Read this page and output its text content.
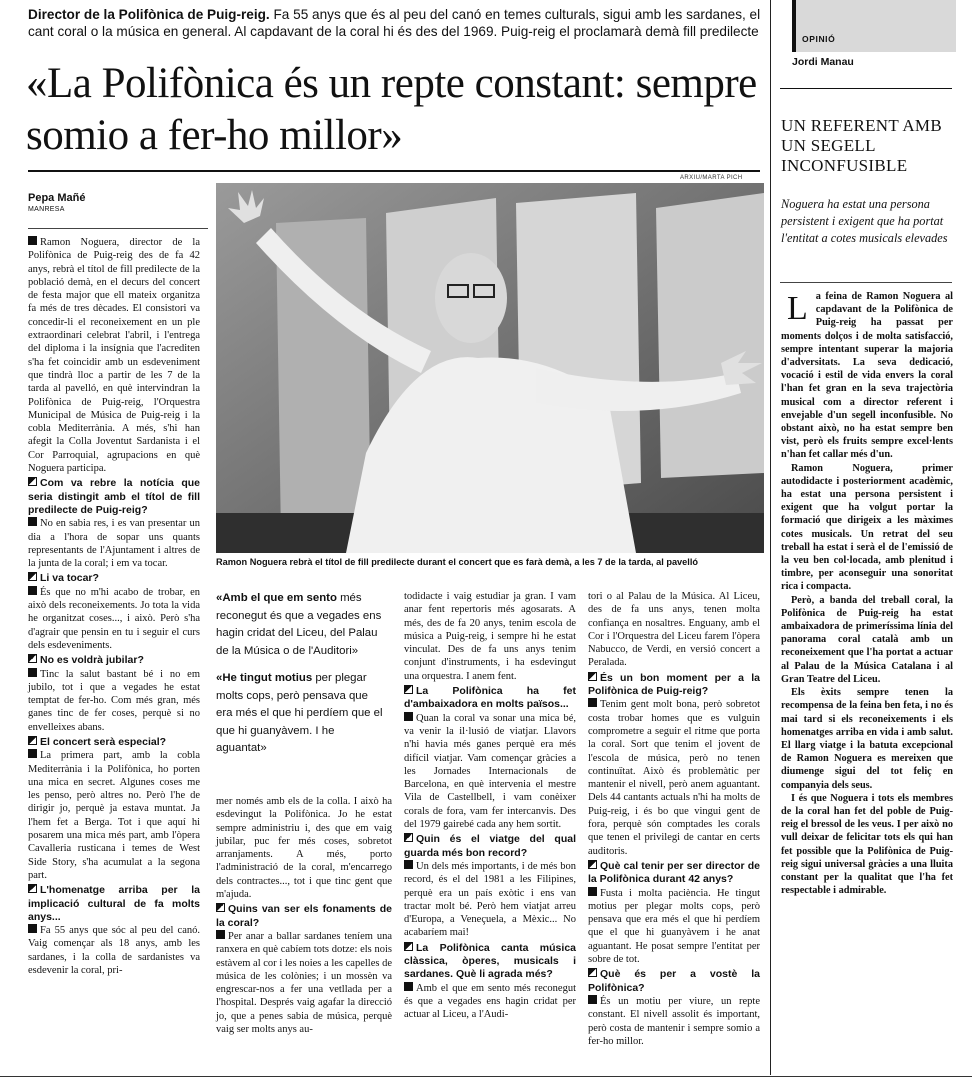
Director de la Polifònica de Puig-reig. Fa 55 anys que és al peu del canó en temes culturals, sigui amb les sardanes, el cant coral o la música en general. Al capdavant de la coral hi és des del 1969. Puig-reig el proclamarà demà fill predilecte
«La Polifònica és un repte constant: sempre somio a fer-ho millor»
Pepa Mañé
MANRESA
ARXIU/MARTA PICH
Ramon Noguera rebrà el títol de fill predilecte durant el concert que es farà demà, a les 7 de la tarda, al pavelló

Ramon Noguera, director de la Polifònica de Puig-reig des de fa 42 anys, rebrà el títol de fill predilecte de la població demà, en el decurs del concert de festa major que ell mateix organitza fa més de tres dècades. El consistori va concedir-li el reconeixement en un ple extraordinari celebrat l'abril, i l'entrega del diploma i la insígnia que l'acrediten s'ha fet coincidir amb un esdeveniment que tindrà lloc a partir de les 7 de la tarda al pavelló, en què intervindran la Polifònica de Puig-reig, l'Orquestra Municipal de Música de Puig-reig i la cobla Mediterrània. A més, s'hi han afegit la Colla Joventut Sardanista i el Cor Parroquial, agrupacions en què Noguera participa.

Com va rebre la notícia que seria distingit amb el títol de fill predilecte de Puig-reig?

No en sabia res, i es van presentar un dia a l'hora de sopar uns quants representants de l'Ajuntament i altres de la junta de la coral; i em va tocar.

Li va tocar?

És que no m'hi acabo de trobar, en això dels reconeixements. Jo tota la vida he organitzat coses..., i això. Però s'ha d'agrair que pensin en tu i seguir el curs dels esdeveniments.

No es voldrà jubilar?

Tinc la salut bastant bé i no em jubilo, tot i que a vegades he estat temptat de fer-ho. Com més gran, més ganes tinc de fer coses, perquè si no envelleixes abans.

El concert serà especial?

La primera part, amb la cobla Mediterrània i la Polifònica, ho porten una mica en secret. Algunes coses me les penso, però altres no. Però l'he de dirigir jo, perquè ja estava muntat. Ja l'hem fet a Berga. Tot i que aquí hi posarem una mica més part, amb l'òpera Cavalleria rusticana i temes de West Side Story, s'ha acumulat a la segona part.

L'homenatge arriba per la implicació cultural de fa molts anys...

Fa 55 anys que sóc al peu del canó. Vaig començar als 18 anys, amb les sardanes, i la colla de sardanistes va esdevenir la coral, pri-

«Amb el que em sento més reconegut és que a vegades ens hagin cridat del Liceu, del Palau de la Música o de l'Auditori»
«He tingut motius per plegar molts cops, però pensava que era més el que hi perdíem que el que hi guanyàvem. I he aguantat»

mer només amb els de la colla. I això ha esdevingut la Polifònica. Jo he estat sempre administriu i, des que em vaig jubilar, puc fer més coses, sobretot arranjaments. A més, porto l'administració de la coral, m'encarrego dels contractes..., tot i que tinc gent que m'ajuda.

Quins van ser els fonaments de la coral?

Per anar a ballar sardanes teníem una ranxera en què cabíem tots dotze: els nois estàvem al cor i les noies a les capelles de música de les colònies; i un mossèn va engrescar-nos a fer una vetllada per a l'hospital. Després vaig agafar la direcció jo, que a penes sabia de música, perquè vaig ser molts anys au-

todidacte i vaig estudiar ja gran. I vam anar fent repertoris més agosarats. A més, des de fa 20 anys, tenim escola de música a Puig-reig, i sempre hi he estat vinculat. Des de fa uns anys tenim conjunt d'instruments, i ha esdevingut una orquestra. I anem fent.

La Polifònica ha fet d'ambaixadora en molts països...

Quan la coral va sonar una mica bé, va venir la il·lusió de viatjar. Llavors n'hi havia més ganes perquè era més difícil viatjar. Vam començar gràcies a les Jornades Internacionals de Barcelona, en què intervenia el mestre Vila de Castellbell, i vam conèixer corals de fora, vam fer intercanvis. Des del 1979 gairebé cada any hem sortit.

Quin és el viatge del qual guarda més bon record?

Un dels més importants, i de més bon record, és el del 1981 a les Filipines, perquè era un país exòtic i ens van tractar molt bé. Però hem viatjat arreu d'Europa, a Veneçuela, a Mèxic... No acabaríem mai!

La Polifònica canta música clàssica, òperes, musicals i sardanes. Què li agrada més?

Amb el que em sento més reconegut és que a vegades ens hagin cridat per actuar al Liceu, a l'Audi-

tori o al Palau de la Música. Al Liceu, des de fa uns anys, tenen molta confiança en nosaltres. Enguany, amb el Cor i l'Orquestra del Liceu farem l'òpera Nabucco, de Verdi, en versió concert a Peralada.

És un bon moment per a la Polifònica de Puig-reig?

Tenim gent molt bona, però sobretot costa trobar homes que es vulguin comprometre a seguir el ritme que porta la coral. Sort que tenim el jovent de l'escola de música, però no tenen continuïtat. Això és problemàtic per mantenir el nivell, però anem aguantant. Dels 44 cantants actuals n'hi ha molts de Puig-reig, i és bo que vingui gent de fora, perquè són comptades les corals que tenen el privilegi de cantar en certs auditoris.

Què cal tenir per ser director de la Polifònica durant 42 anys?

Fusta i molta paciència. He tingut motius per plegar molts cops, però pensava que era més el que hi perdíem que el que hi guanyàvem i he anat aguantant. He posat sempre l'entitat per sobre de tot.

Què és per a vostè la Polifònica?

És un motiu per viure, un repte constant. El nivell assolit és important, però costa de mantenir i sempre somio a fer-ho millor.

OPINIÓ
Jordi Manau
UN REFERENT AMB UN SEGELL INCONFUSIBLE
Noguera ha estat una persona persistent i exigent que ha portat l'entitat a cotes musicals elevades

La feina de Ramon Noguera al capdavant de la Polifònica de Puig-reig ha passat per moments dolços i de molta satisfacció, sempre intentant superar la majoria d'adversitats. La seva dedicació, vocació i estil de vida envers la coral l'han fet gran en la seva trajectòria musical com a director referent i envejable d'un segell inconfusible. No obstant això, no ha estat sempre ben vist, però els fruits sempre excel·lents n'han fet callar més d'un.

Ramon Noguera, primer autodidacte i posteriorment acadèmic, ha estat una persona persistent i exigent que ha volgut portar la formació que dirigeix a les màximes cotes musicals. Un retrat del seu treball ha estat i serà el de l'emissió de la veu ben col·locada, amb plenitud i timbre, per aconseguir una sonoritat rica i compacta.

Però, a banda del treball coral, la Polifònica de Puig-reig ha estat ambaixadora de primeríssima línia del panorama coral català amb un reconeixement que l'ha portat a actuar al Palau de la Música Catalana i al Gran Teatre del Liceu.

Els èxits sempre tenen la recompensa de la feina ben feta, i no és mai tard si els reconeixements i els homenatges arriba en vida i amb salut. El llarg viatge i la batuta excepcional de Ramon Noguera es mereixen que diumenge sigui del tot feliç en companyia dels seus.

I és que Noguera i tots els membres de la coral han fet del poble de Puig-reig el bressol de les veus. I per això no vull deixar de felicitar tots els qui han fet possible que la Polifònica de Puig-reig sigui universal gràcies a una lluita constant per la qualitat que l'ha fet respectable i admirable.
